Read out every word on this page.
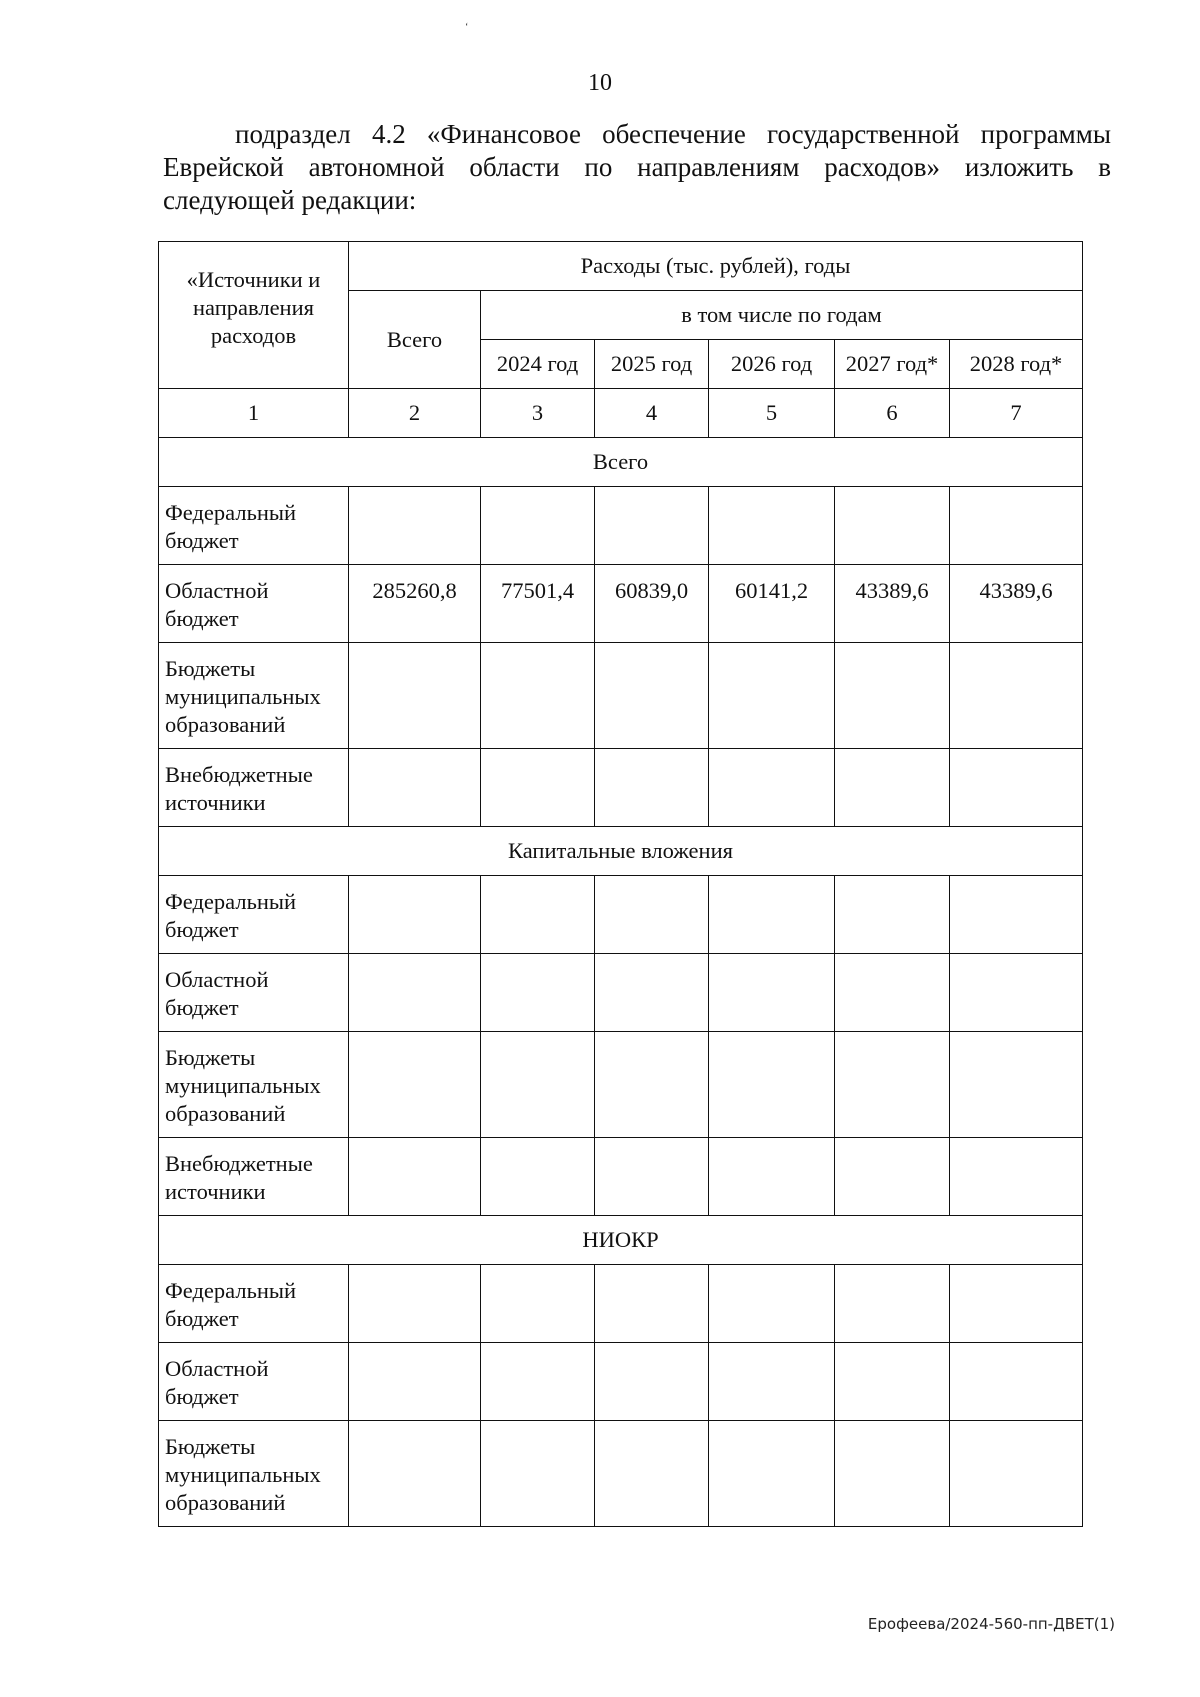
‘
10

подраздел 4.2 «Финансовое обеспечение государственной программы Еврейской автономной области по направлениям расходов» изложить в следующей редакции:

«Источники и направления расходов	Расходы (тыс. рублей), годы					
	Всего	в том числе по годам				
		2024 год	2025 год	2026 год	2027 год*	2028 год*
1	2	3	4	5	6	7
Всего						
Федеральный бюджет						
Областной бюджет	285260,8	77501,4	60839,0	60141,2	43389,6	43389,6
Бюджеты муниципальных образований						
Внебюджетные источники						
Капитальные вложения						
Федеральный бюджет						
Областной бюджет						
Бюджеты муниципальных образований						
Внебюджетные источники						
НИОКР						
Федеральный бюджет						
Областной бюджет						
Бюджеты муниципальных образований						
Ерофеева/2024-560-пп-ДВЕТ(1)
